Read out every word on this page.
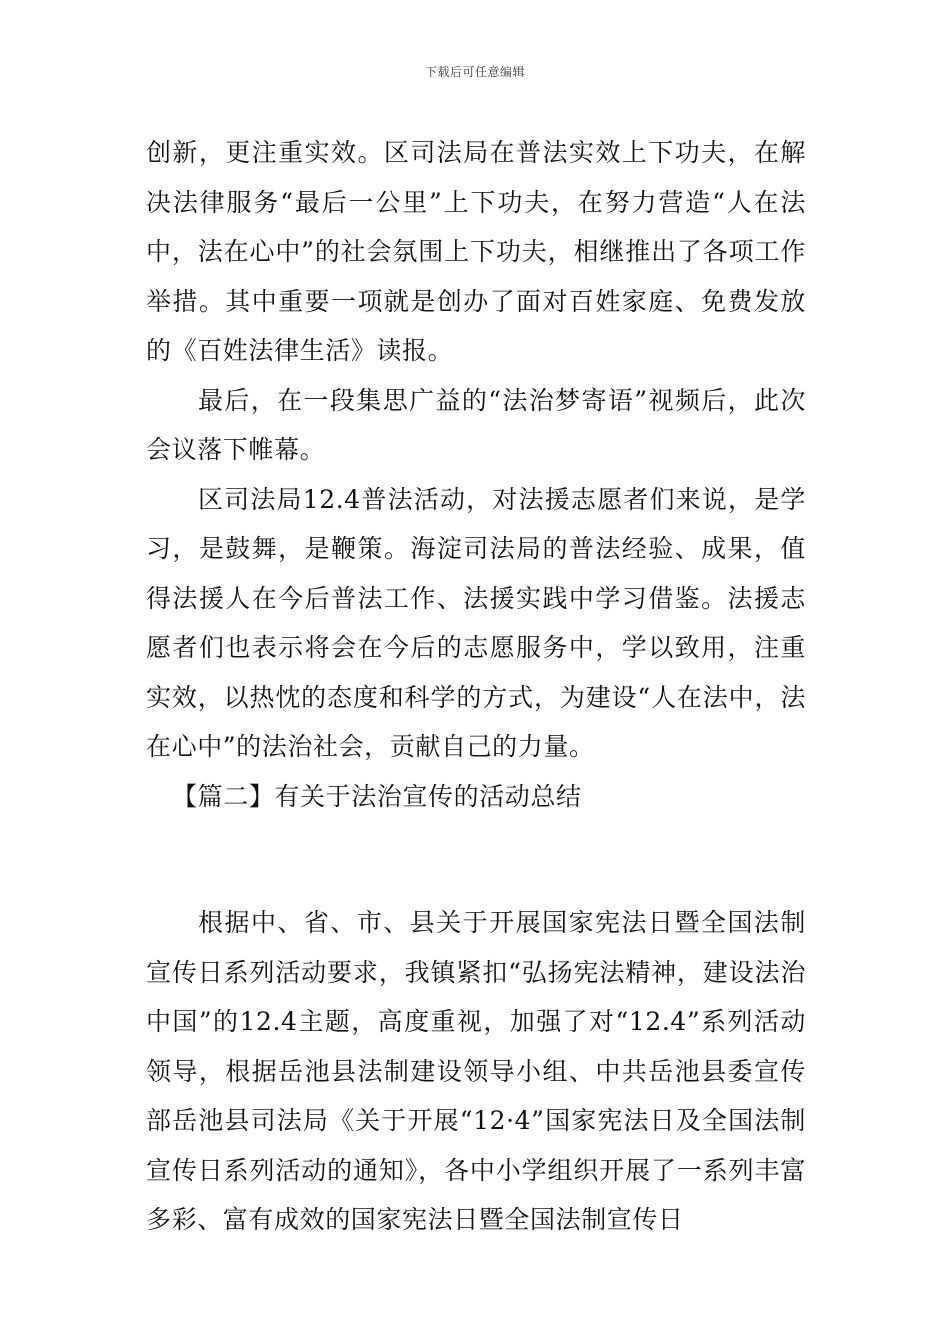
下载后可任意编辑

创新，更注重实效。区司法局在普法实效上下功夫，在解决法律服务“最后一公里”上下功夫，在努力营造“人在法中，法在心中”的社会氛围上下功夫，相继推出了各项工作举措。其中重要一项就是创办了面对百姓家庭、免费发放的《百姓法律生活》读报。

最后，在一段集思广益的“法治梦寄语”视频后，此次会议落下帷幕。

区司法局12.4普法活动，对法援志愿者们来说，是学习，是鼓舞，是鞭策。海淀司法局的普法经验、成果，值得法援人在今后普法工作、法援实践中学习借鉴。法援志愿者们也表示将会在今后的志愿服务中，学以致用，注重实效，以热忱的态度和科学的方式，为建设“人在法中，法在心中”的法治社会，贡献自己的力量。

【篇二】有关于法治宣传的活动总结

根据中、省、市、县关于开展国家宪法日暨全国法制宣传日系列活动要求，我镇紧扣“弘扬宪法精神，建设法治中国”的12.4主题，高度重视，加强了对“12.4”系列活动领导，根据岳池县法制建设领导小组、中共岳池县委宣传部岳池县司法局《关于开展“12·4”国家宪法日及全国法制宣传日系列活动的通知》，各中小学组织开展了一系列丰富多彩、富有成效的国家宪法日暨全国法制宣传日
